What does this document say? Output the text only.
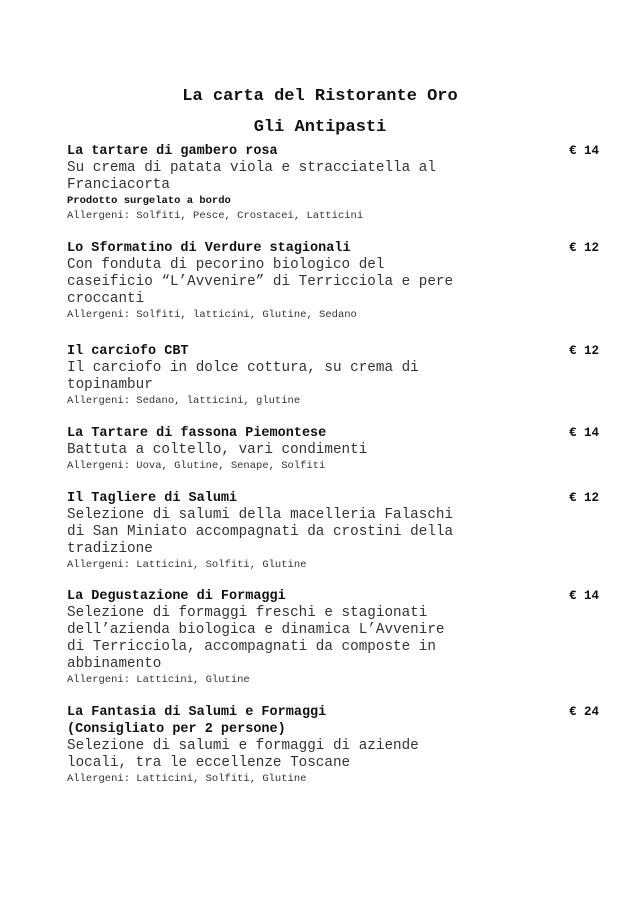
La carta del Ristorante Oro
Gli Antipasti
La tartare di gambero rosa	€ 14
Su crema di patata viola e stracciatella al
Franciacorta
Prodotto surgelato a bordo
Allergeni: Solfiti, Pesce, Crostacei, Latticini
Lo Sformatino di Verdure stagionali	€ 12
Con fonduta di pecorino biologico del
caseificio “L’Avvenire” di Terricciola e pere
croccanti
Allergeni: Solfiti, latticini, Glutine, Sedano
Il carciofo CBT	€ 12
Il carciofo in dolce cottura, su crema di
topinambur
Allergeni: Sedano, latticini, glutine
La Tartare di fassona Piemontese	€ 14
Battuta a coltello, vari condimenti
Allergeni: Uova, Glutine, Senape, Solfiti
Il Tagliere di Salumi	€ 12
Selezione di salumi della macelleria Falaschi
di San Miniato accompagnati da crostini della
tradizione
Allergeni: Latticini, Solfiti, Glutine
La Degustazione di Formaggi	€ 14
Selezione di formaggi freschi e stagionati
dell’azienda biologica e dinamica L’Avvenire
di Terricciola, accompagnati da composte in
abbinamento
Allergeni: Latticini, Glutine
La Fantasia di Salumi e Formaggi
(Consigliato per 2 persone)
€ 24
Selezione di salumi e formaggi di aziende
locali, tra le eccellenze Toscane
Allergeni: Latticini, Solfiti, Glutine
